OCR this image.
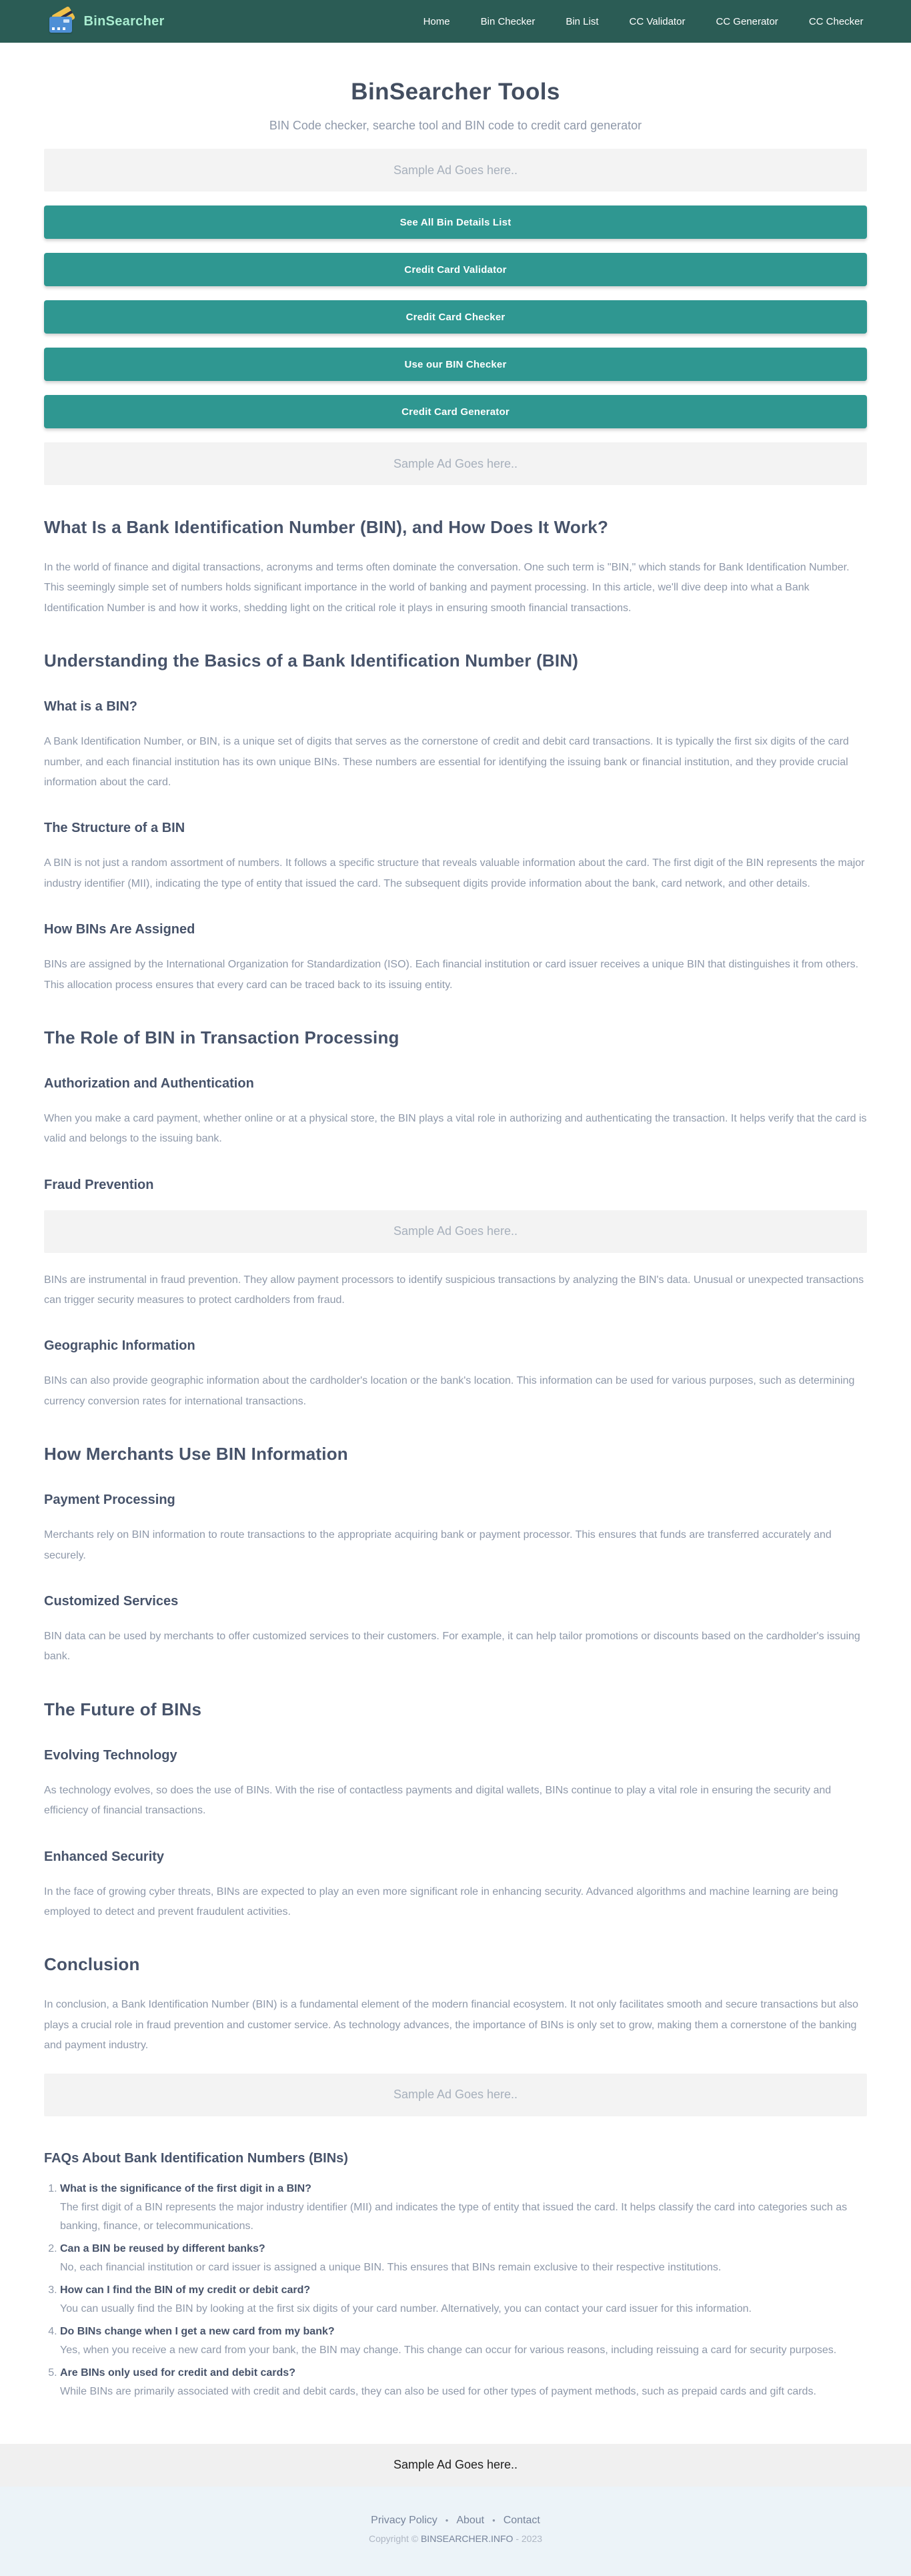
BinSearcher	Home	Bin Checker	Bin List	CC Validator	CC Generator	CC Checker
BinSearcher Tools

BIN Code checker, searche tool and BIN code to credit card generator

Sample Ad Goes here..
See All Bin Details List
Credit Card Validator
Credit Card Checker
Use our BIN Checker
Credit Card Generator
Sample Ad Goes here..
What Is a Bank Identification Number (BIN), and How Does It Work?

In the world of finance and digital transactions, acronyms and terms often dominate the conversation. One such term is "BIN," which stands for Bank Identification Number. This seemingly simple set of numbers holds significant importance in the world of banking and payment processing. In this article, we'll dive deep into what a Bank Identification Number is and how it works, shedding light on the critical role it plays in ensuring smooth financial transactions.

Understanding the Basics of a Bank Identification Number (BIN)
What is a BIN?

A Bank Identification Number, or BIN, is a unique set of digits that serves as the cornerstone of credit and debit card transactions. It is typically the first six digits of the card number, and each financial institution has its own unique BINs. These numbers are essential for identifying the issuing bank or financial institution, and they provide crucial information about the card.

The Structure of a BIN

A BIN is not just a random assortment of numbers. It follows a specific structure that reveals valuable information about the card. The first digit of the BIN represents the major industry identifier (MII), indicating the type of entity that issued the card. The subsequent digits provide information about the bank, card network, and other details.

How BINs Are Assigned

BINs are assigned by the International Organization for Standardization (ISO). Each financial institution or card issuer receives a unique BIN that distinguishes it from others. This allocation process ensures that every card can be traced back to its issuing entity.

The Role of BIN in Transaction Processing
Authorization and Authentication

When you make a card payment, whether online or at a physical store, the BIN plays a vital role in authorizing and authenticating the transaction. It helps verify that the card is valid and belongs to the issuing bank.

Fraud Prevention
Sample Ad Goes here..

BINs are instrumental in fraud prevention. They allow payment processors to identify suspicious transactions by analyzing the BIN's data. Unusual or unexpected transactions can trigger security measures to protect cardholders from fraud.

Geographic Information

BINs can also provide geographic information about the cardholder's location or the bank's location. This information can be used for various purposes, such as determining currency conversion rates for international transactions.

How Merchants Use BIN Information
Payment Processing

Merchants rely on BIN information to route transactions to the appropriate acquiring bank or payment processor. This ensures that funds are transferred accurately and securely.

Customized Services

BIN data can be used by merchants to offer customized services to their customers. For example, it can help tailor promotions or discounts based on the cardholder's issuing bank.

The Future of BINs
Evolving Technology

As technology evolves, so does the use of BINs. With the rise of contactless payments and digital wallets, BINs continue to play a vital role in ensuring the security and efficiency of financial transactions.

Enhanced Security

In the face of growing cyber threats, BINs are expected to play an even more significant role in enhancing security. Advanced algorithms and machine learning are being employed to detect and prevent fraudulent activities.

Conclusion

In conclusion, a Bank Identification Number (BIN) is a fundamental element of the modern financial ecosystem. It not only facilitates smooth and secure transactions but also plays a crucial role in fraud prevention and customer service. As technology advances, the importance of BINs is only set to grow, making them a cornerstone of the banking and payment industry.

Sample Ad Goes here..
FAQs About Bank Identification Numbers (BINs)
1. What is the significance of the first digit in a BIN?
The first digit of a BIN represents the major industry identifier (MII) and indicates the type of entity that issued the card. It helps classify the card into categories such as banking, finance, or telecommunications.
2. Can a BIN be reused by different banks?
No, each financial institution or card issuer is assigned a unique BIN. This ensures that BINs remain exclusive to their respective institutions.
3. How can I find the BIN of my credit or debit card?
You can usually find the BIN by looking at the first six digits of your card number. Alternatively, you can contact your card issuer for this information.
4. Do BINs change when I get a new card from my bank?
Yes, when you receive a new card from your bank, the BIN may change. This change can occur for various reasons, including reissuing a card for security purposes.
5. Are BINs only used for credit and debit cards?
While BINs are primarily associated with credit and debit cards, they can also be used for other types of payment methods, such as prepaid cards and gift cards.
Sample Ad Goes here..
Privacy Policy • About • Contact
Copyright © BINSEARCHER.INFO - 2023
